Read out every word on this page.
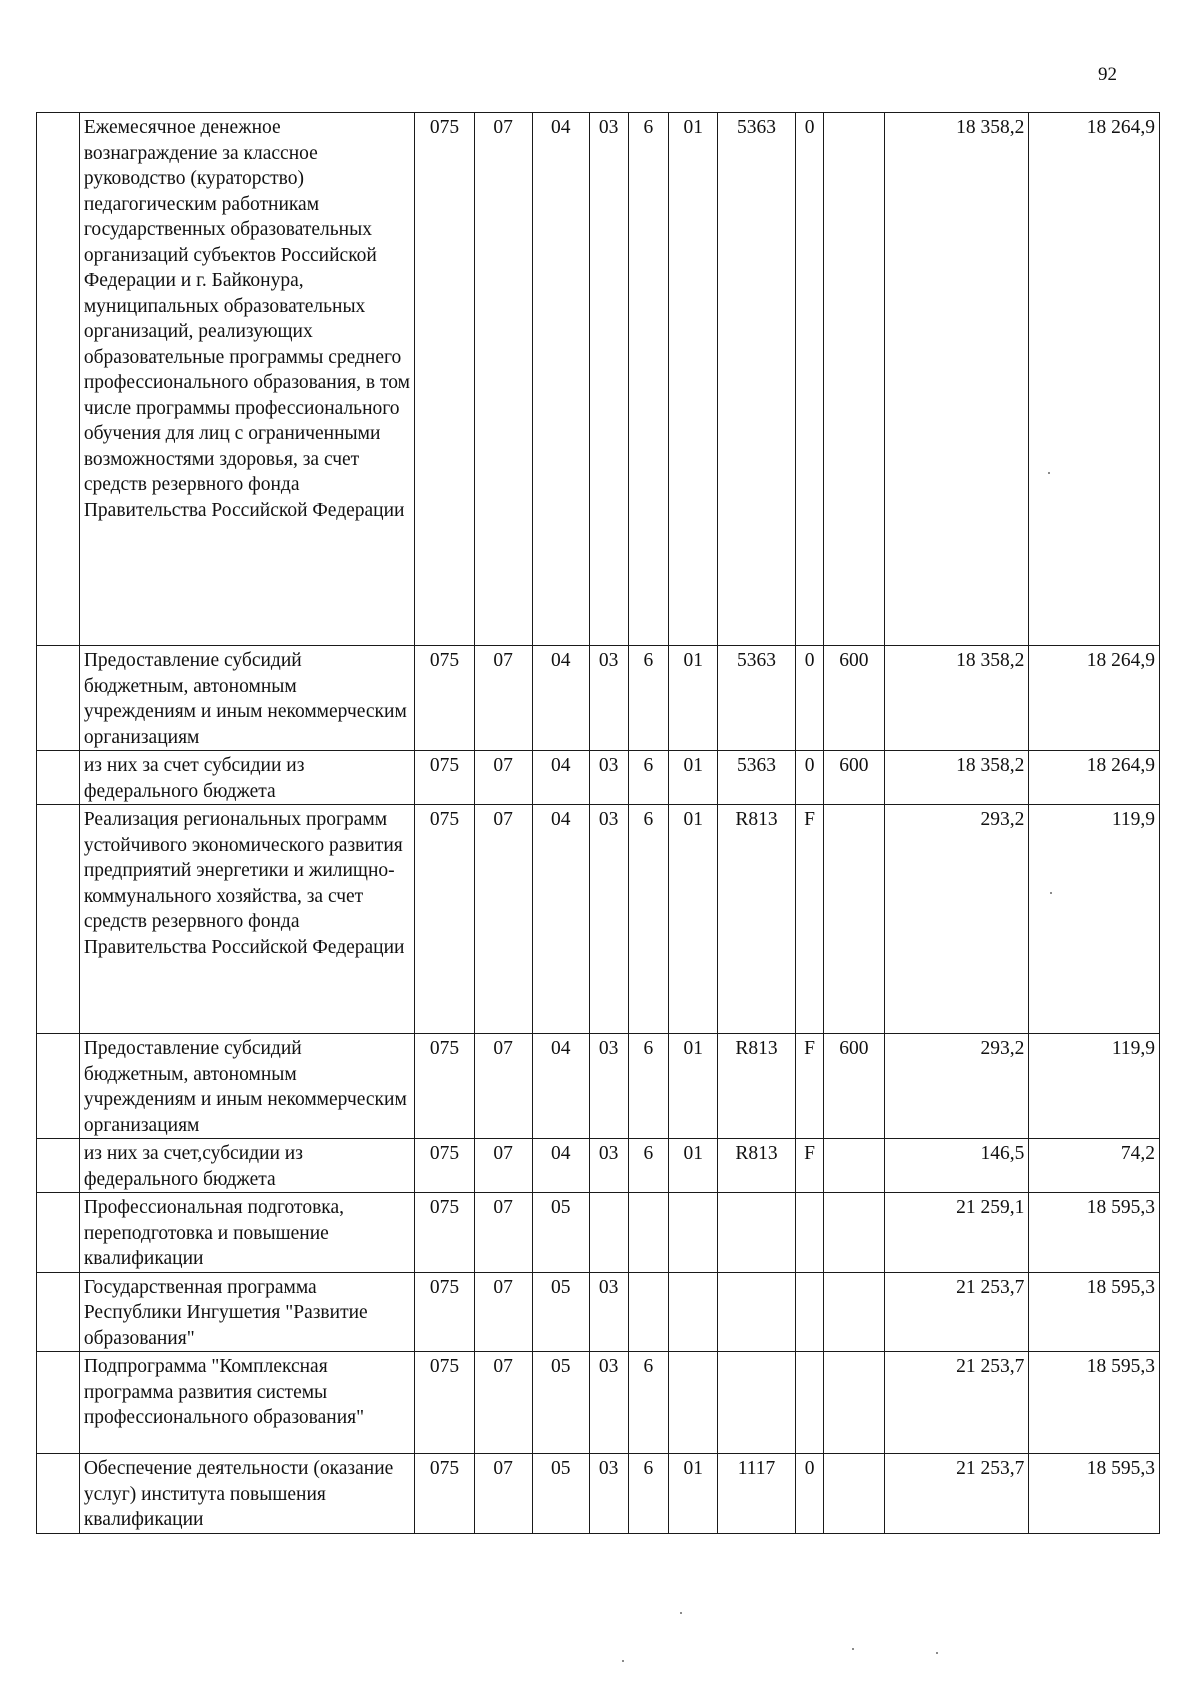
92
	Ежемесячное денежное вознаграждение за классное руководство (кураторство) педагогическим работникам государственных образовательных организаций субъектов Российской Федерации и г. Байконура, муниципальных образовательных организаций, реализующих образовательные программы среднего профессионального образования, в том числе программы профессионального обучения для лиц с ограниченными возможностями здоровья, за счет средств резервного фонда Правительства Российской Федерации	075	07	04	03	6	01	5363	0		18 358,2	18 264,9
	Предоставление субсидий бюджетным, автономным учреждениям и иным некоммерческим организациям	075	07	04	03	6	01	5363	0	600	18 358,2	18 264,9
	из них за счет субсидии из федерального бюджета	075	07	04	03	6	01	5363	0	600	18 358,2	18 264,9
	Реализация региональных программ устойчивого экономического развития предприятий энергетики и жилищно-коммунального хозяйства, за счет средств резервного фонда Правительства Российской Федерации	075	07	04	03	6	01	R813	F		293,2	119,9
	Предоставление субсидий бюджетным, автономным учреждениям и иным некоммерческим организациям	075	07	04	03	6	01	R813	F	600	293,2	119,9
	из них за счет,субсидии из федерального бюджета	075	07	04	03	6	01	R813	F		146,5	74,2
	Профессиональная подготовка, переподготовка и повышение квалификации	075	07	05							21 259,1	18 595,3
	Государственная программа Республики Ингушетия "Развитие образования"	075	07	05	03						21 253,7	18 595,3
	Подпрограмма "Комплексная программа развития системы профессионального образования"	075	07	05	03	6					21 253,7	18 595,3
	Обеспечение деятельности (оказание услуг) института повышения квалификации	075	07	05	03	6	01	1117	0		21 253,7	18 595,3
